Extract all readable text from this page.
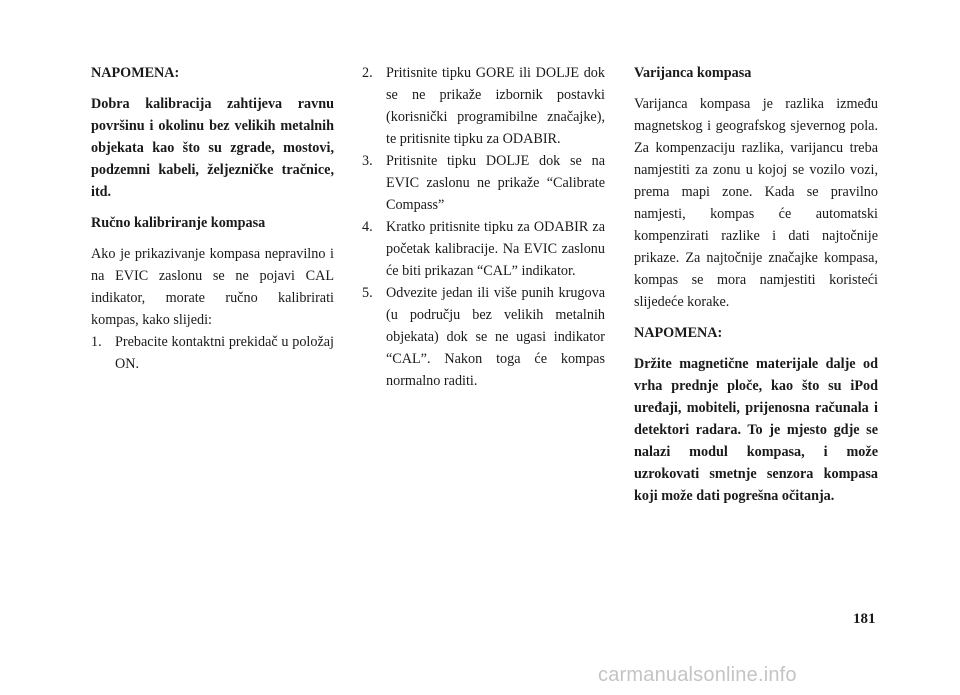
NAPOMENA:

Dobra kalibracija zahtijeva ravnu površinu i okolinu bez velikih metalnih objekata kao što su zgrade, mostovi, podzemni kabeli, željezničke tračnice, itd.

Ručno kalibriranje kompasa

Ako je prikazivanje kompasa nepravilno i na EVIC zaslonu se ne pojavi CAL indikator, morate ručno kalibrirati kompas, kako slijedi:

1. Prebacite kontaktni prekidač u položaj ON.
2. Pritisnite tipku GORE ili DOLJE dok se ne prikaže izbornik postavki (korisnički programibilne značajke), te pritisnite tipku za ODABIR.
3. Pritisnite tipku DOLJE dok se na EVIC zaslonu ne prikaže “Calibrate Compass”
4. Kratko pritisnite tipku za ODABIR za početak kalibracije. Na EVIC zaslonu će biti prikazan “CAL” indikator.
5. Odvezite jedan ili više punih krugova (u području bez velikih metalnih objekata) dok se ne ugasi indikator “CAL”. Nakon toga će kompas normalno raditi.

Varijanca kompasa

Varijanca kompasa je razlika između magnetskog i geografskog sjevernog pola. Za kompenzaciju razlika, varijancu treba namjestiti za zonu u kojoj se vozilo vozi, prema mapi zone. Kada se pravilno namjesti, kompas će automatski kompenzirati razlike i dati najtočnije prikaze. Za najtočnije značajke kompasa, kompas se mora namjestiti koristeći slijedeće korake.

NAPOMENA:

Držite magnetične materijale dalje od vrha prednje ploče, kao što su iPod uređaji, mobiteli, prijenosna računala i detektori radara. To je mjesto gdje se nalazi modul kompasa, i može uzrokovati smetnje senzora kompasa koji može dati pogrešna očitanja.

181
carmanualsonline.info
